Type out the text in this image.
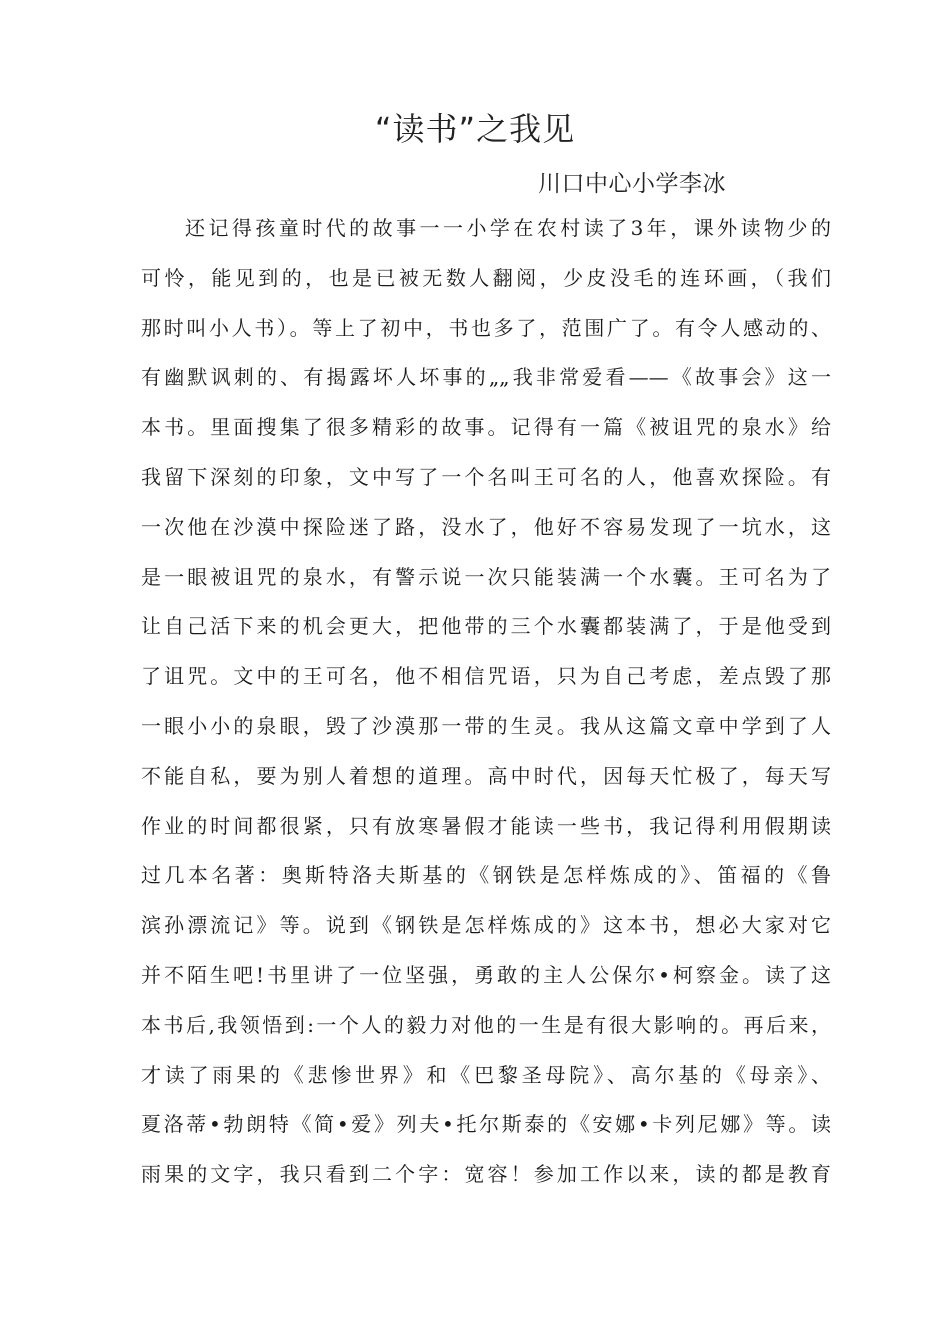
“读书”之我见
川口中心小学李冰
还记得孩童时代的故事一一小学在农村读了3年，课外读物少的
可怜，能见到的，也是已被无数人翻阅，少皮没毛的连环画，（我们
那时叫小人书）。等上了初中，书也多了，范围广了。有令人感动的、
有幽默讽刺的、有揭露坏人坏事的„„我非常爱看——《故事会》这一
本书。里面搜集了很多精彩的故事。记得有一篇《被诅咒的泉水》给
我留下深刻的印象，文中写了一个名叫王可名的人，他喜欢探险。有
一次他在沙漠中探险迷了路，没水了，他好不容易发现了一坑水，这
是一眼被诅咒的泉水，有警示说一次只能装满一个水囊。王可名为了
让自己活下来的机会更大，把他带的三个水囊都装满了，于是他受到
了诅咒。文中的王可名，他不相信咒语，只为自己考虑，差点毁了那
一眼小小的泉眼，毁了沙漠那一带的生灵。我从这篇文章中学到了人
不能自私，要为别人着想的道理。高中时代，因每天忙极了，每天写
作业的时间都很紧，只有放寒暑假才能读一些书，我记得利用假期读
过几本名著：奥斯特洛夫斯基的《钢铁是怎样炼成的》、笛福的《鲁
滨孙漂流记》等。说到《钢铁是怎样炼成的》这本书，想必大家对它
并不陌生吧!书里讲了一位坚强，勇敢的主人公保尔•柯察金。读了这
本书后,我领悟到:一个人的毅力对他的一生是有很大影响的。再后来，
才读了雨果的《悲惨世界》和《巴黎圣母院》、高尔基的《母亲》、
夏洛蒂•勃朗特《简•爱》列夫•托尔斯泰的《安娜•卡列尼娜》等。读
雨果的文字，我只看到二个字：宽容！参加工作以来，读的都是教育
